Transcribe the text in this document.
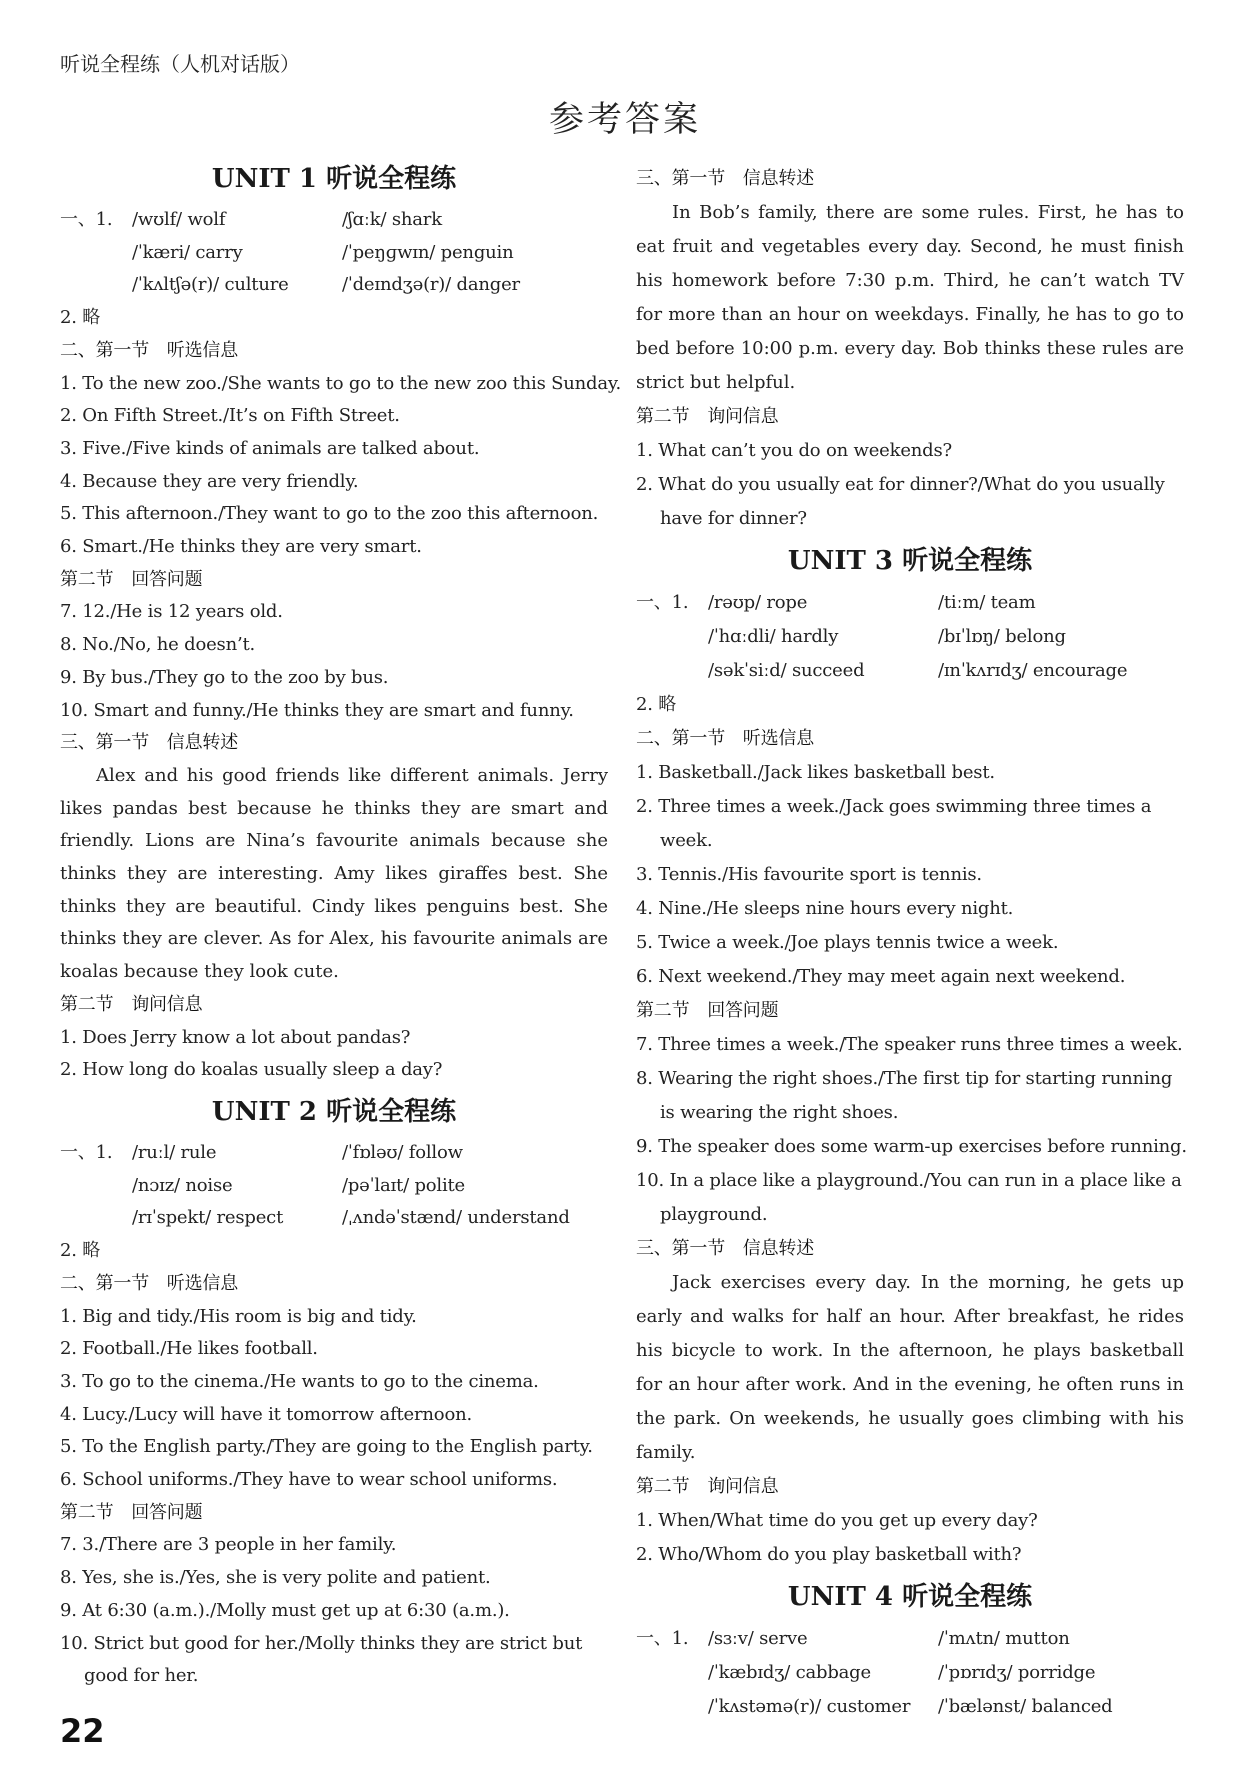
听说全程练（人机对话版）
参考答案
UNIT 1 听说全程练
一、1.	/wʊlf/ wolf	/ʃɑːk/ shark
/ˈkæri/ carry	/ˈpeŋɡwɪn/ penguin
/ˈkʌltʃə(r)/ culture	/ˈdeɪndʒə(r)/ danger
2. 略
二、第一节　听选信息
1. To the new zoo./She wants to go to the new zoo this Sunday.
2. On Fifth Street./It’s on Fifth Street.
3. Five./Five kinds of animals are talked about.
4. Because they are very friendly.
5. This afternoon./They want to go to the zoo this afternoon.
6. Smart./He thinks they are very smart.
第二节　回答问题
7. 12./He is 12 years old.
8. No./No, he doesn’t.
9. By bus./They go to the zoo by bus.
10. Smart and funny./He thinks they are smart and funny.
三、第一节　信息转述
Alex and his good friends like different animals. Jerry likes pandas best because he thinks they are smart and friendly. Lions are Nina’s favourite animals because she thinks they are interesting. Amy likes giraffes best. She thinks they are beautiful. Cindy likes penguins best. She thinks they are clever. As for Alex, his favourite animals are koalas because they look cute.
第二节　询问信息
1. Does Jerry know a lot about pandas?
2. How long do koalas usually sleep a day?
UNIT 2 听说全程练
一、1.	/ruːl/ rule	/ˈfɒləʊ/ follow
/nɔɪz/ noise	/pəˈlaɪt/ polite
/rɪˈspekt/ respect	/ˌʌndəˈstænd/ understand
2. 略
二、第一节　听选信息
1. Big and tidy./His room is big and tidy.
2. Football./He likes football.
3. To go to the cinema./He wants to go to the cinema.
4. Lucy./Lucy will have it tomorrow afternoon.
5. To the English party./They are going to the English party.
6. School uniforms./They have to wear school uniforms.
第二节　回答问题
7. 3./There are 3 people in her family.
8. Yes, she is./Yes, she is very polite and patient.
9. At 6:30 (a.m.)./Molly must get up at 6:30 (a.m.).
10. Strict but good for her./Molly thinks they are strict but good for her.
三、第一节　信息转述
In Bob’s family, there are some rules. First, he has to eat fruit and vegetables every day. Second, he must finish his homework before 7:30 p.m. Third, he can’t watch TV for more than an hour on weekdays. Finally, he has to go to bed before 10:00 p.m. every day. Bob thinks these rules are strict but helpful.
第二节　询问信息
1. What can’t you do on weekends?
2. What do you usually eat for dinner?/What do you usually have for dinner?
UNIT 3 听说全程练
一、1.	/rəʊp/ rope	/tiːm/ team
/ˈhɑːdli/ hardly	/bɪˈlɒŋ/ belong
/səkˈsiːd/ succeed	/ɪnˈkʌrɪdʒ/ encourage
2. 略
二、第一节　听选信息
1. Basketball./Jack likes basketball best.
2. Three times a week./Jack goes swimming three times a week.
3. Tennis./His favourite sport is tennis.
4. Nine./He sleeps nine hours every night.
5. Twice a week./Joe plays tennis twice a week.
6. Next weekend./They may meet again next weekend.
第二节　回答问题
7. Three times a week./The speaker runs three times a week.
8. Wearing the right shoes./The first tip for starting running is wearing the right shoes.
9. The speaker does some warm-up exercises before running.
10. In a place like a playground./You can run in a place like a playground.
三、第一节　信息转述
Jack exercises every day. In the morning, he gets up early and walks for half an hour. After breakfast, he rides his bicycle to work. In the afternoon, he plays basketball for an hour after work. And in the evening, he often runs in the park. On weekends, he usually goes climbing with his family.
第二节　询问信息
1. When/What time do you get up every day?
2. Who/Whom do you play basketball with?
UNIT 4 听说全程练
一、1.	/sɜːv/ serve	/ˈmʌtn/ mutton
/ˈkæbɪdʒ/ cabbage	/ˈpɒrɪdʒ/ porridge
/ˈkʌstəmə(r)/ customer	/ˈbælənst/ balanced
22
